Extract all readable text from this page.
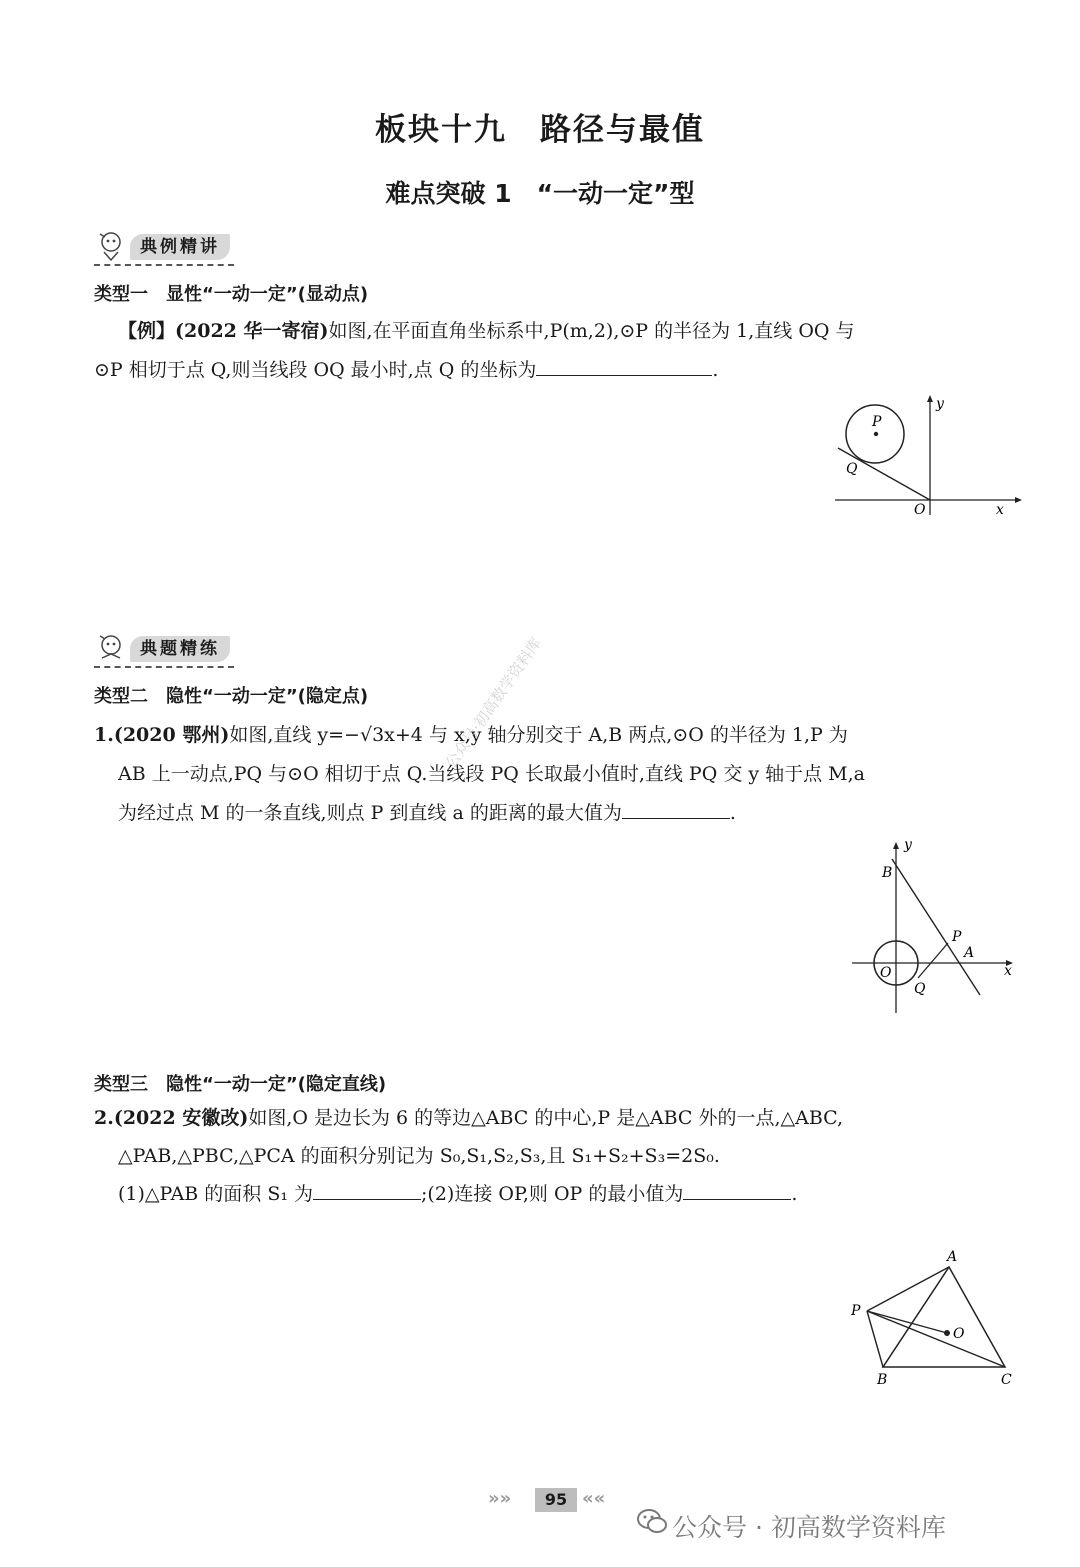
板块十九　路径与最值
难点突破 1　“一动一定”型
典例精讲
类型一　显性“一动一定”(显动点)
【例】(2022 华一寄宿)如图,在平面直角坐标系中,P(m,2),⊙P 的半径为 1,直线 OQ 与
⊙P 相切于点 Q,则当线段 OQ 最小时,点 Q 的坐标为	.
P
Q
O	x
y
典题精练
类型二　隐性“一动一定”(隐定点)
1.(2020 鄂州)如图,直线 y=−√3x+4 与 x,y 轴分别交于 A,B 两点,⊙O 的半径为 1,P 为
AB 上一动点,PQ 与⊙O 相切于点 Q.当线段 PQ 长取最小值时,直线 PQ 交 y 轴于点 M,a
为经过点 M 的一条直线,则点 P 到直线 a 的距离的最大值为	.
B
y
P
A
O
Q
x
类型三　隐性“一动一定”(隐定直线)
2.(2022 安徽改)如图,O 是边长为 6 的等边△ABC 的中心,P 是△ABC 外的一点,△ABC,
△PAB,△PBC,△PCA 的面积分别记为 S₀,S₁,S₂,S₃,且 S₁+S₂+S₃=2S₀.
(1)△PAB 的面积 S₁ 为	;(2)连接 OP,则 OP 的最小值为	.
A
P
O
B	C
公众号·初高数学资料库
»»	95 ««
公众号 · 初高数学资料库
